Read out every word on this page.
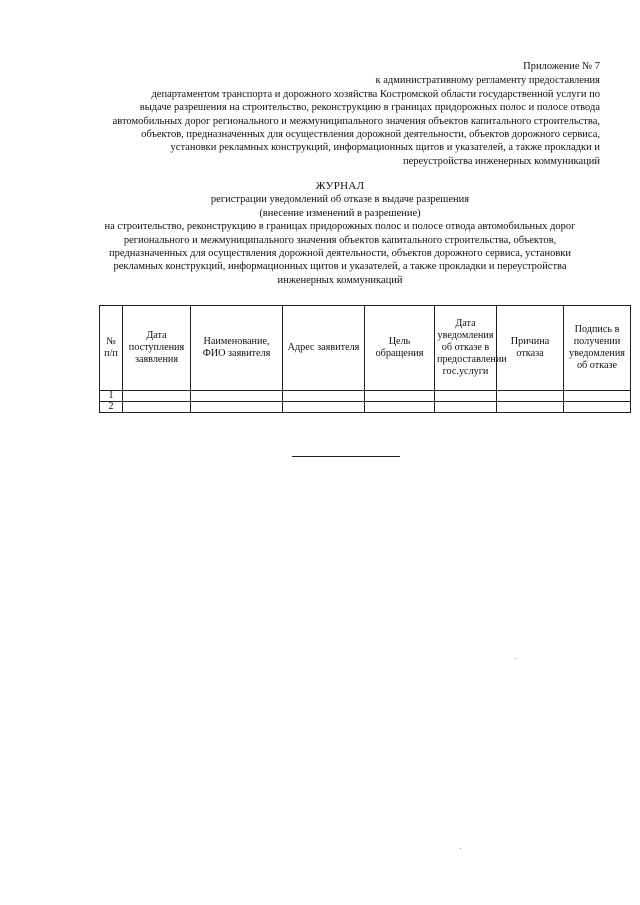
Приложение № 7
к административному регламенту предоставления
департаментом транспорта и дорожного хозяйства Костромской области государственной услуги по
выдаче разрешения на строительство, реконструкцию в границах придорожных полос и полосе отвода
автомобильных дорог регионального и межмуниципального значения объектов капитального строительства,
объектов, предназначенных для осуществления дорожной деятельности, объектов дорожного сервиса,
установки рекламных конструкций, информационных щитов и указателей, а также прокладки и
переустройства инженерных коммуникаций
ЖУРНАЛ
регистрации уведомлений об отказе в выдаче разрешения
(внесение изменений в разрешение)
на строительство, реконструкцию в границах придорожных полос и полосе отвода автомобильных дорог
регионального и межмуниципального значения объектов капитального строительства, объектов,
предназначенных для осуществления дорожной деятельности, объектов дорожного сервиса, установки
рекламных конструкций, информационных щитов и указателей, а также прокладки и переустройства
инженерных коммуникаций
№ п/п	Дата поступления заявления	Наименование, ФИО заявителя	Адрес заявителя	Цель обращения	Дата уведомления об отказе в предоставлении гос.услуги	Причина отказа	Подпись в получении уведомления об отказе
1							
2							
